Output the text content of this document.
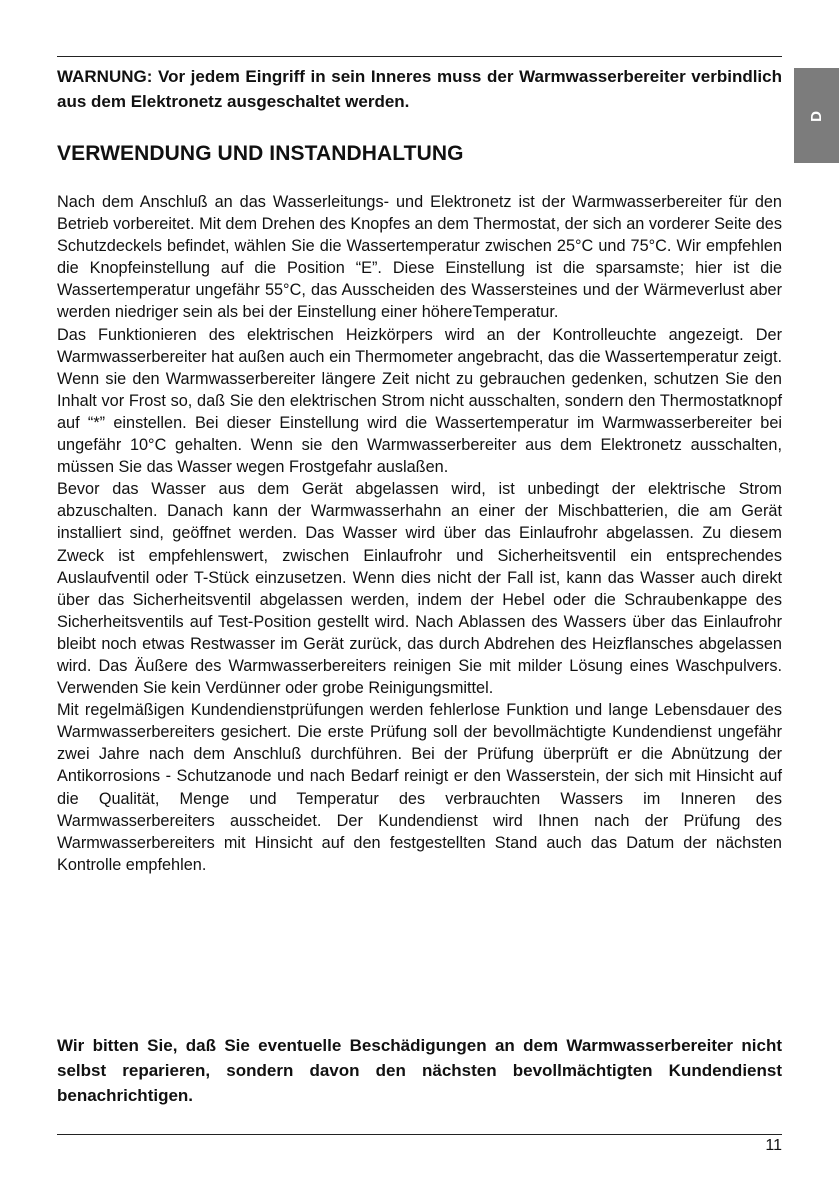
D

WARNUNG: Vor jedem Eingriff in sein Inneres muss der Warmwasserbereiter verbindlich aus dem Elektronetz ausgeschaltet werden.

VERWENDUNG UND INSTANDHALTUNG

Nach dem Anschluß an das Wasserleitungs- und Elektronetz ist der Warmwasserbereiter für den Betrieb vorbereitet. Mit dem Drehen des Knopfes an dem Thermostat, der sich an vorderer Seite des Schutzdeckels befindet, wählen Sie die Wassertemperatur zwischen 25°C und 75°C. Wir empfehlen die Knopfeinstellung auf die Position “E”. Diese Einstellung ist die sparsamste; hier ist die Wassertemperatur ungefähr 55°C, das Ausscheiden des Wassersteines und der Wärmeverlust aber werden niedriger sein als bei der Einstellung einer höhereTemperatur.

Das Funktionieren des elektrischen Heizkörpers wird an der Kontrolleuchte angezeigt. Der Warmwasserbereiter hat außen auch ein Thermometer angebracht, das die Wassertemperatur zeigt. Wenn sie den Warmwasserbereiter längere Zeit nicht zu gebrauchen gedenken, schutzen Sie den Inhalt vor Frost so, daß Sie den elektrischen Strom nicht ausschalten, sondern den Thermostatknopf auf “*” einstellen. Bei dieser Einstellung wird die Wassertemperatur im Warmwasserbereiter bei ungefähr 10°C gehalten. Wenn sie den Warmwasserbereiter aus dem Elektronetz ausschalten, müssen Sie das Wasser wegen Frostgefahr auslaßen.

Bevor das Wasser aus dem Gerät abgelassen wird, ist unbedingt der elektrische Strom abzuschalten. Danach kann der Warmwasserhahn an einer der Mischbatterien, die am Gerät installiert sind, geöffnet werden. Das Wasser wird über das Einlaufrohr abgelassen. Zu diesem Zweck ist empfehlenswert, zwischen Einlaufrohr und Sicherheitsventil ein entsprechendes Auslaufventil oder T-Stück einzusetzen. Wenn dies nicht der Fall ist, kann das Wasser auch direkt über das Sicherheitsventil abgelassen werden, indem der Hebel oder die Schraubenkappe des Sicherheitsventils auf Test-Position gestellt wird. Nach Ablassen des Wassers über das Einlaufrohr bleibt noch etwas Restwasser im Gerät zurück, das durch Abdrehen des Heizflansches abgelassen wird. Das Äußere des Warmwasserbereiters reinigen Sie mit milder Lösung eines Waschpulvers. Verwenden Sie kein Verdünner oder grobe Reinigungsmittel.

Mit regelmäßigen Kundendienstprüfungen werden fehlerlose Funktion und lange Lebensdauer des Warmwasserbereiters gesichert. Die erste Prüfung soll der bevollmächtigte Kundendienst ungefähr zwei Jahre nach dem Anschluß durchführen. Bei der Prüfung überprüft er die Abnützung der Antikorrosions - Schutzanode und nach Bedarf reinigt er den Wasserstein, der sich mit Hinsicht auf die Qualität, Menge und Temperatur des verbrauchten Wassers im Inneren des Warmwasserbereiters ausscheidet. Der Kundendienst wird Ihnen nach der Prüfung des Warmwasserbereiters mit Hinsicht auf den festgestellten Stand auch das Datum der nächsten Kontrolle empfehlen.

Wir bitten Sie, daß Sie eventuelle Beschädigungen an dem Warmwasserbereiter nicht selbst reparieren, sondern davon den nächsten bevollmächtigten Kundendienst benachrichtigen.

11
